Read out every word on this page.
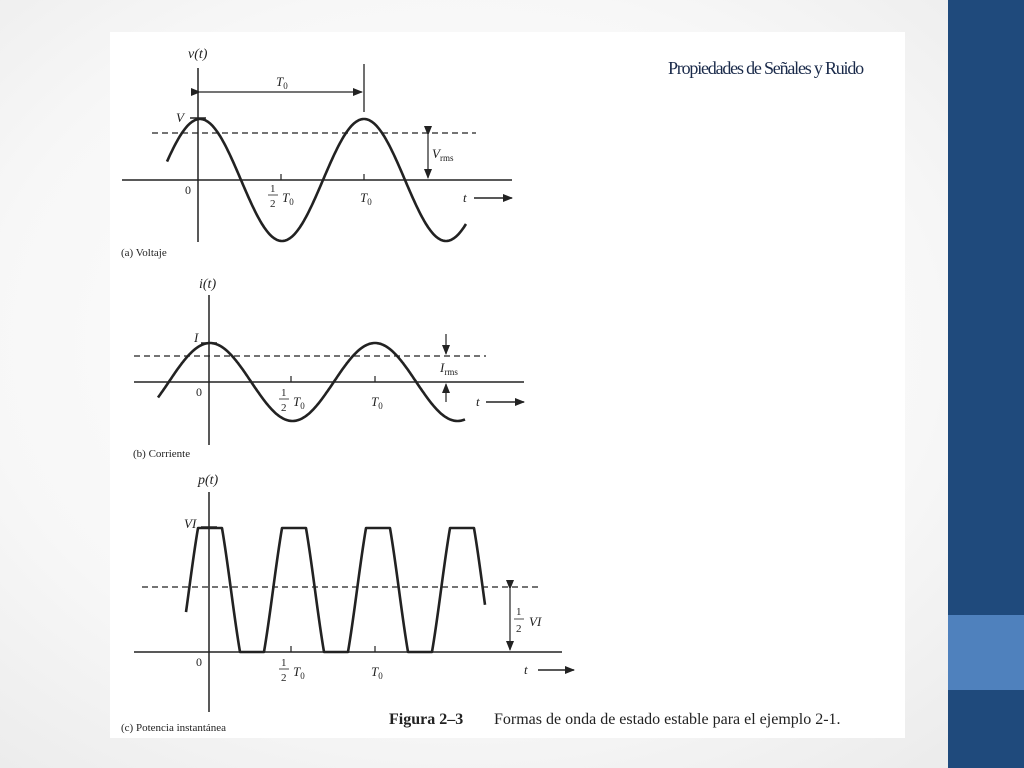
Propiedades de Señales y Ruido
v(t)
V
$T_0$
$V_{rms}$
0	1
2 $T_0$	$T_0$	t
(a) Voltaje
i(t)
I
$I_{rms}$
0	1
2 $T_0$	$T_0$	t
(b) Corriente
p(t)
VI
1
2 VI
0	1
2 $T_0$	$T_0$	t
(c) Potencia instantánea	Figura 2–3 Formas de onda de estado estable para el ejemplo 2-1.
